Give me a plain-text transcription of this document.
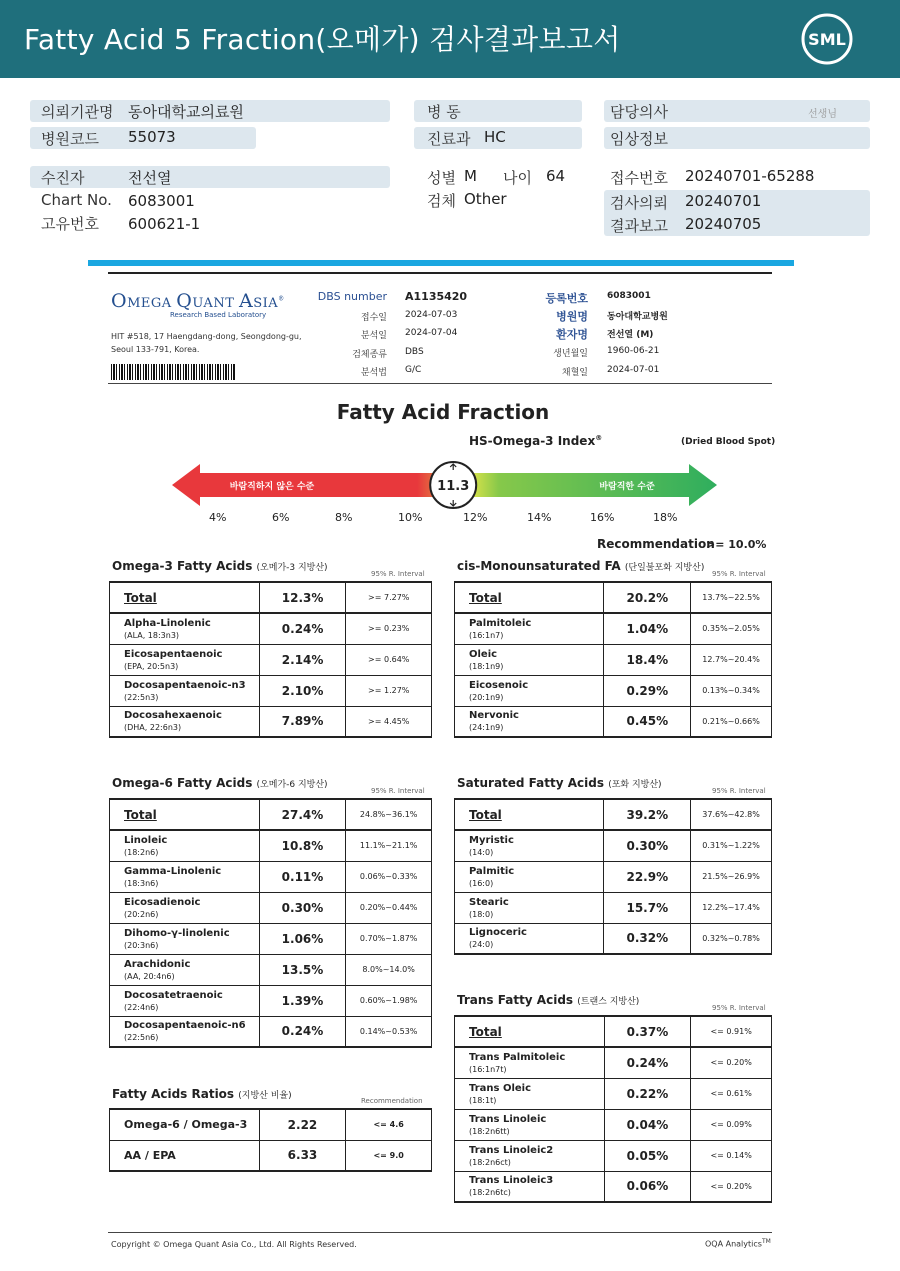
Fatty Acid 5 Fraction(오메가) 검사결과보고서	SML
의뢰기관명 동아대학교의료원	병 동	담당의사	선생님
병원코드 55073	진료과 HC	임상정보
수진자	전선열	성별 M 나이 64	접수번호 20240701-65288
Chart No. 6083001	검체 Other	검사의뢰 20240701
고유번호 600621-1	결과보고 20240705
OMEGA QUANT ASIA®
Research Based Laboratory
HIT #518, 17 Haengdang-dong, Seongdong-gu,
Seoul 133-791, Korea.
DBS number A1135420
접수일 2024-07-03
분석일 2024-07-04
검체종류 DBS
분석법 G/C
등록번호 6083001
병원명 동아대학교병원
환자명 전선열 (M)
생년월일 1960-06-21
채혈일 2024-07-01
Fatty Acid Fraction
HS-Omega-3 Index®	(Dried Blood Spot)
바람직하지 않은 수준	바람직한 수준
11.3
4%	6%	8%	10%	12%	14%	16%	18%
Recommendation
>= 10.0%
Omega-3 Fatty Acids (오메가-3 지방산)
95% R. Interval
Total	12.3%	>= 7.27%

Alpha-Linolenic
(ALA, 18:3n3)	0.24%	>= 0.23%

Eicosapentaenoic
(EPA, 20:5n3)	2.14%	>= 0.64%

Docosapentaenoic-n3
(22:5n3)	2.10%	>= 1.27%

Docosahexaenoic
(DHA, 22:6n3)	7.89%	>= 4.45%
cis-Monounsaturated FA (단일불포화 지방산)
95% R. Interval
Total	20.2%	13.7%~22.5%

Palmitoleic
(16:1n7)	1.04%	0.35%~2.05%

Oleic
(18:1n9)	18.4%	12.7%~20.4%

Eicosenoic
(20:1n9)	0.29%	0.13%~0.34%

Nervonic
(24:1n9)	0.45%	0.21%~0.66%
Omega-6 Fatty Acids (오메가-6 지방산)
95% R. Interval
Total	27.4%	24.8%~36.1%

Linoleic
(18:2n6)	10.8%	11.1%~21.1%

Gamma-Linolenic
(18:3n6)	0.11%	0.06%~0.33%

Eicosadienoic
(20:2n6)	0.30%	0.20%~0.44%

Dihomo-γ-linolenic
(20:3n6)	1.06%	0.70%~1.87%

Arachidonic
(AA, 20:4n6)	13.5%	8.0%~14.0%

Docosatetraenoic
(22:4n6)	1.39%	0.60%~1.98%

Docosapentaenoic-n6
(22:5n6)	0.24%	0.14%~0.53%
Saturated Fatty Acids (포화 지방산)
95% R. Interval
Total	39.2%	37.6%~42.8%

Myristic
(14:0)	0.30%	0.31%~1.22%

Palmitic
(16:0)	22.9%	21.5%~26.9%

Stearic
(18:0)	15.7%	12.2%~17.4%

Lignoceric
(24:0)	0.32%	0.32%~0.78%
Trans Fatty Acids (트랜스 지방산)
95% R. Interval
Total	0.37%	<= 0.91%

Trans Palmitoleic
(16:1n7t)	0.24%	<= 0.20%

Trans Oleic
(18:1t)	0.22%	<= 0.61%

Trans Linoleic
(18:2n6tt)	0.04%	<= 0.09%

Trans Linoleic2
(18:2n6ct)	0.05%	<= 0.14%

Trans Linoleic3
(18:2n6tc)	0.06%	<= 0.20%
Fatty Acids Ratios (지방산 비율)	Recommendation
Omega-6 / Omega-3	2.22	<= 4.6
AA / EPA	6.33	<= 9.0
Copyright © Omega Quant Asia Co., Ltd. All Rights Reserved.	OQA Analytics™
